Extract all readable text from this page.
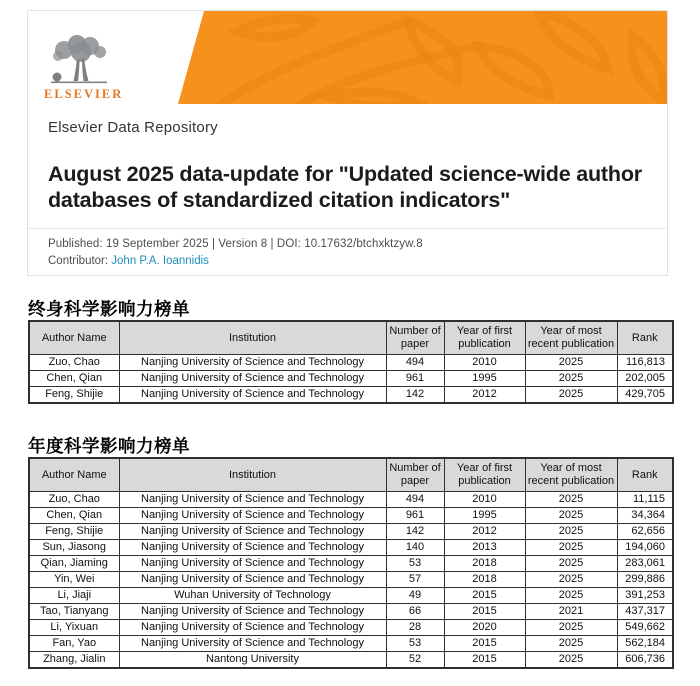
ELSEVIER
Elsevier Data Repository
August 2025 data-update for "Updated science-wide author databases of standardized citation indicators"
Published: 19 September 2025 | Version 8 | DOI: 10.17632/btchxktzyw.8
Contributor: John P.A. Ioannidis
终身科学影响力榜单
Author Name	Institution	Number of paper	Year of first publication	Year of most recent publication	Rank
Zuo, Chao	Nanjing University of Science and Technology	494	2010	2025	116,813
Chen, Qian	Nanjing University of Science and Technology	961	1995	2025	202,005
Feng, Shijie	Nanjing University of Science and Technology	142	2012	2025	429,705
年度科学影响力榜单
Author Name	Institution	Number of paper	Year of first publication	Year of most recent publication	Rank
Zuo, Chao	Nanjing University of Science and Technology	494	2010	2025	11,115
Chen, Qian	Nanjing University of Science and Technology	961	1995	2025	34,364
Feng, Shijie	Nanjing University of Science and Technology	142	2012	2025	62,656
Sun, Jiasong	Nanjing University of Science and Technology	140	2013	2025	194,060
Qian, Jiaming	Nanjing University of Science and Technology	53	2018	2025	283,061
Yin, Wei	Nanjing University of Science and Technology	57	2018	2025	299,886
Li, Jiaji	Wuhan University of Technology	49	2015	2025	391,253
Tao, Tianyang	Nanjing University of Science and Technology	66	2015	2021	437,317
Li, Yixuan	Nanjing University of Science and Technology	28	2020	2025	549,662
Fan, Yao	Nanjing University of Science and Technology	53	2015	2025	562,184
Zhang, Jialin	Nantong University	52	2015	2025	606,736
